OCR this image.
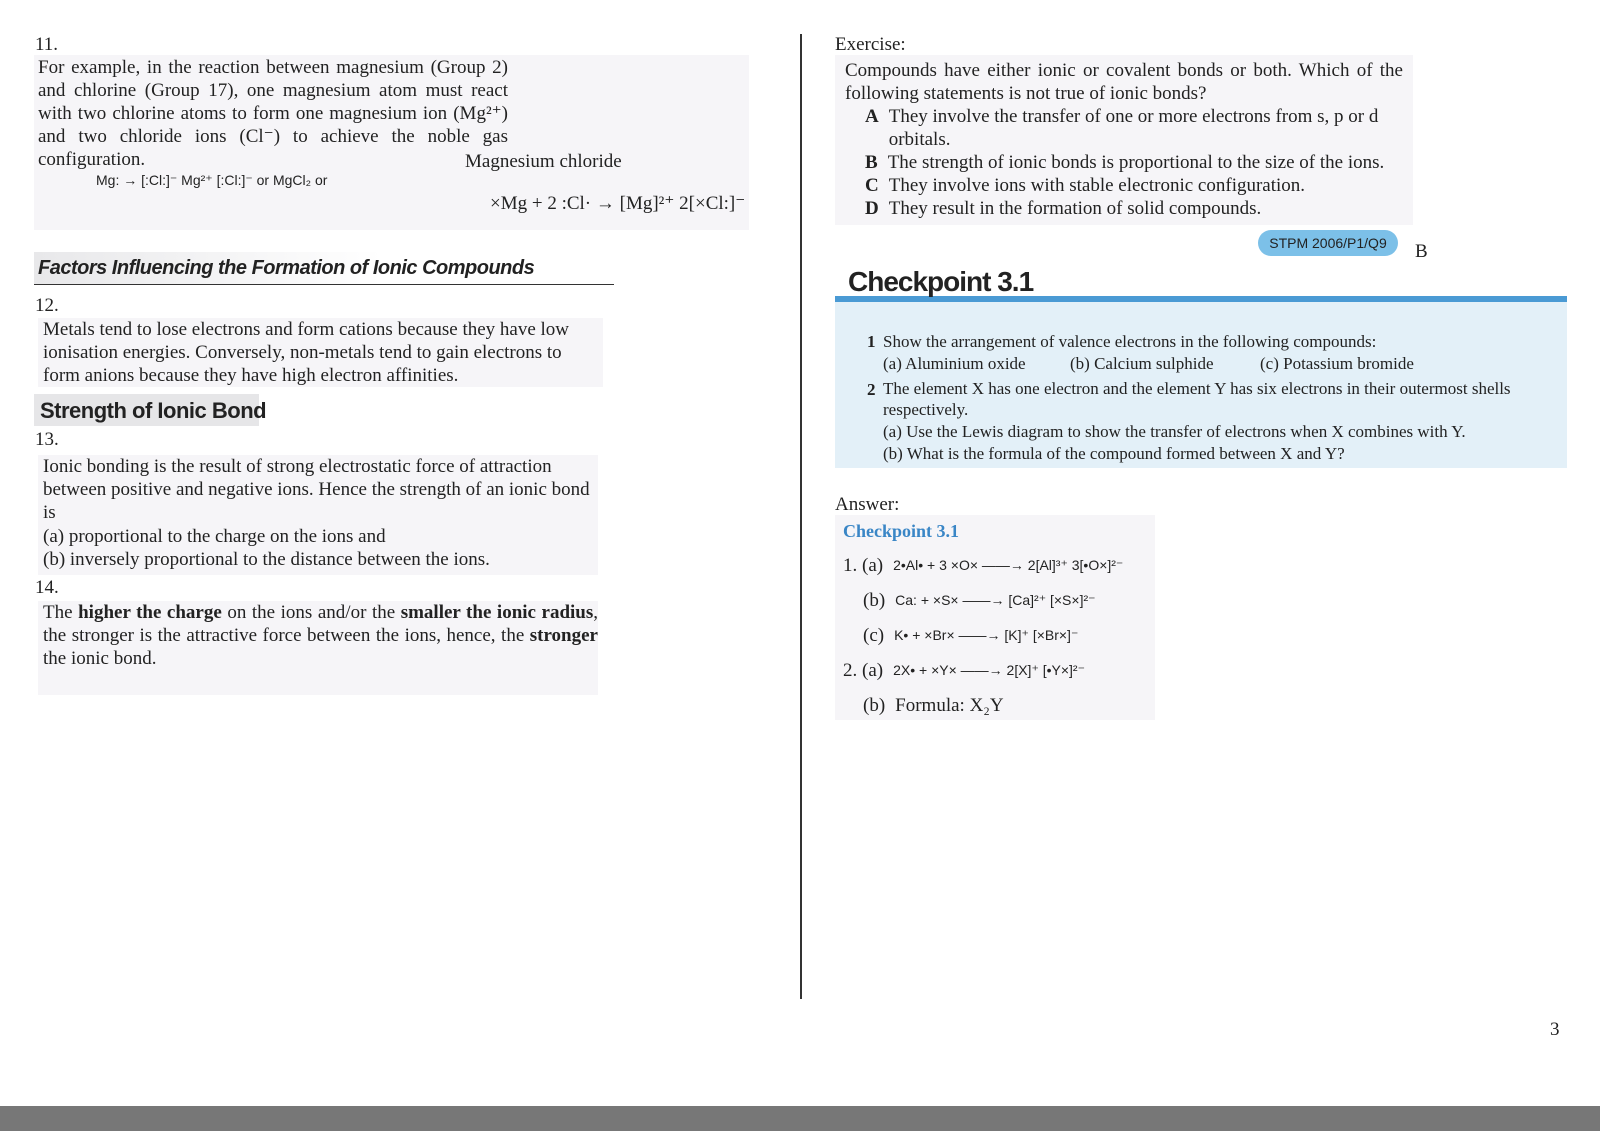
11.
For example, in the reaction between magnesium (Group 2) and chlorine (Group 17), one magnesium atom must react with two chlorine atoms to form one magnesium ion (Mg²⁺) and two chloride ions (Cl⁻) to achieve the noble gas configuration.
Mg: → [:Cl:]⁻ Mg²⁺ [:Cl:]⁻ or MgCl₂ or
Magnesium chloride
×Mg + 2 :Cl· → [Mg]²⁺ 2[×Cl:]⁻
Factors Influencing the Formation of Ionic Compounds
12.
Metals tend to lose electrons and form cations because they have low ionisation energies. Conversely, non-metals tend to gain electrons to form anions because they have high electron affinities.
Strength of Ionic Bond
13.
Ionic bonding is the result of strong electrostatic force of attraction between positive and negative ions. Hence the strength of an ionic bond is
(a) proportional to the charge on the ions and
(b) inversely proportional to the distance between the ions.
14.
The higher the charge on the ions and/or the smaller the ionic radius, the stronger is the attractive force between the ions, hence, the stronger the ionic bond.
Exercise:
Compounds have either ionic or covalent bonds or both. Which of the following statements is not true of ionic bonds?
A They involve the transfer of one or more electrons from s, p or d orbitals.
B The strength of ionic bonds is proportional to the size of the ions.
C They involve ions with stable electronic configuration.
D They result in the formation of solid compounds.
STPM 2006/P1/Q9	B
Checkpoint 3.1
1 Show the arrangement of valence electrons in the following compounds:
(a) Aluminium oxide	(b) Calcium sulphide	(c) Potassium bromide
2 The element X has one electron and the element Y has six electrons in their outermost shells respectively.
(a) Use the Lewis diagram to show the transfer of electrons when X combines with Y.
(b) What is the formula of the compound formed between X and Y?
Answer:
Checkpoint 3.1
1. (a) 2•Al• + 3 ×O× ——→ 2[Al]³⁺ 3[•O×]²⁻
(b) Ca: + ×S× ——→ [Ca]²⁺ [×S×]²⁻
(c) K• + ×Br× ——→ [K]⁺ [×Br×]⁻
2. (a) 2X• + ×Y× ——→ 2[X]⁺ [•Y×]²⁻
(b) Formula: X₂Y
3
